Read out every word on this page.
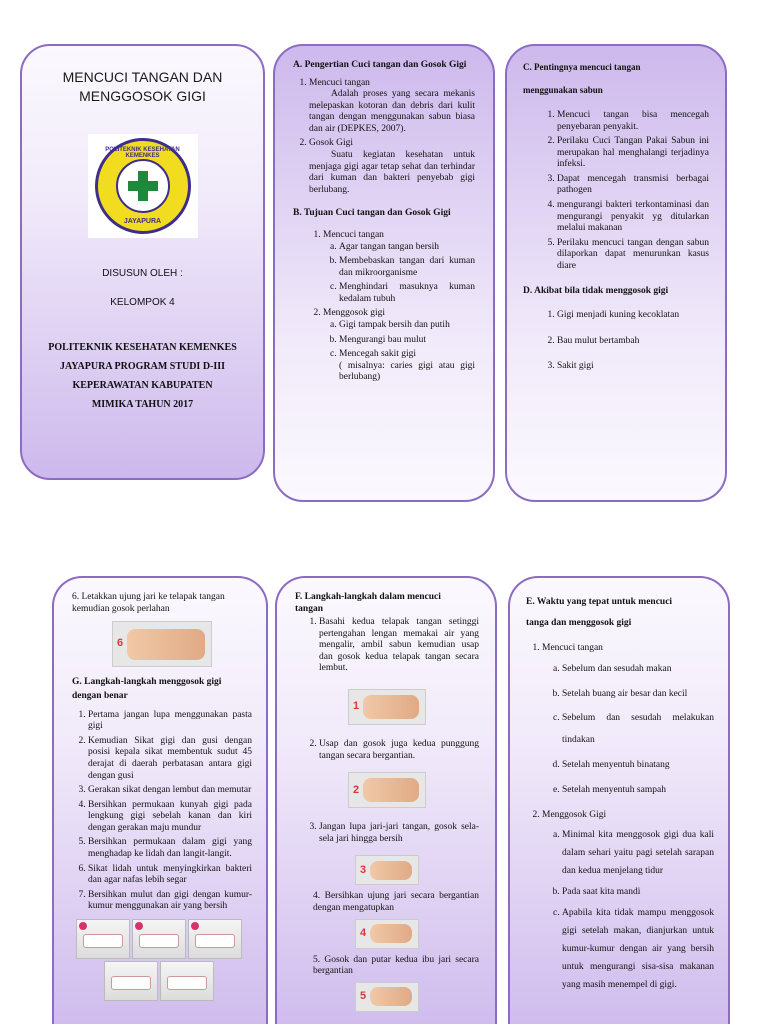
MENCUCI TANGAN DAN
MENGGOSOK GIGI
POLITEKNIK KESEHATAN KEMENKES
JAYAPURA
DISUSUN OLEH :
KELOMPOK 4
POLITEKNIK KESEHATAN KEMENKES
JAYAPURA PROGRAM STUDI D-III
KEPERAWATAN KABUPATEN
MIMIKA TAHUN 2017
A. Pengertian Cuci tangan dan Gosok Gigi
1. Mencuci tangan

Adalah proses yang secara mekanis melepaskan kotoran dan debris dari kulit tangan dengan menggunakan sabun biasa dan air (DEPKES, 2007).
2. Gosok Gigi

Suatu kegiatan kesehatan untuk menjaga gigi agar tetap sehat dan terhindar dari kuman dan bakteri penyebab gigi berlubang.
B. Tujuan Cuci tangan dan Gosok Gigi
1. Mencuci tangan
a. Agar tangan tangan bersih
b. Membebaskan tangan dari kuman dan mikroorganisme
c. Menghindari masuknya kuman kedalam tubuh
2. Menggosok gigi
a. Gigi tampak bersih dan putih
b. Mengurangi bau mulut
c. Mencegah sakit gigi
( misalnya: caries gigi atau gigi berlubang)
C. Pentingnya mencuci tangan
menggunakan sabun
1. Mencuci tangan bisa mencegah penyebaran penyakit.
2. Perilaku Cuci Tangan Pakai Sabun ini merupakan hal menghalangi terjadinya infeksi.
3. Dapat mencegah transmisi berbagai pathogen
4. mengurangi bakteri terkontaminasi dan mengurangi penyakit yg ditularkan melalui makanan
5. Perilaku mencuci tangan dengan sabun dilaporkan dapat menurunkan kasus diare
D. Akibat bila tidak menggosok gigi
1. Gigi menjadi kuning kecoklatan
2. Bau mulut bertambah
3. Sakit gigi
6. Letakkan ujung jari ke telapak tangan kemudian gosok perlahan
6
G. Langkah-langkah menggosok gigi dengan benar
1. Pertama jangan lupa menggunakan pasta gigi
2. Kemudian Sikat gigi dan gusi dengan posisi kepala sikat membentuk sudut 45 derajat di daerah perbatasan antara gigi dengan gusi
3. Gerakan sikat dengan lembut dan memutar
4. Bersihkan permukaan kunyah gigi pada lengkung gigi sebelah kanan dan kiri dengan gerakan maju mundur
5. Bersihkan permukaan dalam gigi yang menghadap ke lidah dan langit-langit.
6. Sikat lidah untuk menyingkirkan bakteri dan agar nafas lebih segar
7. Bersihkan mulut dan gigi dengan kumur-kumur menggunakan air yang bersih
F. Langkah-langkah dalam mencuci
tangan
1. Basahi kedua telapak tangan setinggi pertengahan lengan memakai air yang mengalir, ambil sabun kemudian usap dan gosok kedua telapak tangan secara lembut.
1
2. Usap dan gosok juga kedua punggung tangan secara bergantian.
2
3. Jangan lupa jari-jari tangan, gosok sela-sela jari hingga bersih
3
4. Bersihkan ujung jari secara bergantian dengan mengatupkan
4
5. Gosok dan putar kedua ibu jari secara bergantian
5
E. Waktu yang tepat untuk mencuci
tanga dan menggosok gigi
1. Mencuci tangan
a. Sebelum dan sesudah makan
b. Setelah buang air besar dan kecil
c. Sebelum dan sesudah melakukan tindakan
d. Setelah menyentuh binatang
e. Setelah menyentuh sampah
2. Menggosok Gigi
a. Minimal kita menggosok gigi dua kali dalam sehari yaitu pagi setelah sarapan dan kedua menjelang tidur
b. Pada saat kita mandi
c. Apabila kita tidak mampu menggosok gigi setelah makan, dianjurkan untuk kumur-kumur dengan air yang bersih untuk mengurangi sisa-sisa makanan yang masih menempel di gigi.
